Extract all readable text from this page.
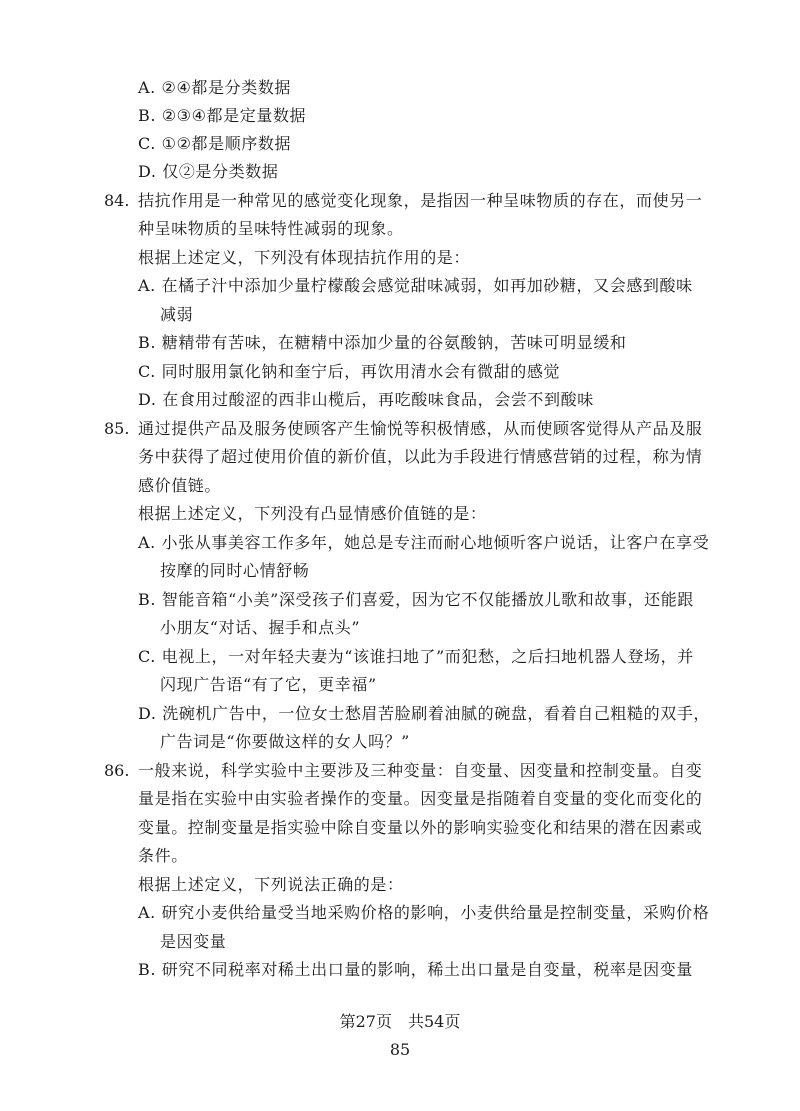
A. ②④都是分类数据
B. ②③④都是定量数据
C. ①②都是顺序数据
D. 仅②是分类数据
84. 拮抗作用是一种常见的感觉变化现象，是指因一种呈味物质的存在，而使另一
种呈味物质的呈味特性减弱的现象。
根据上述定义，下列没有体现拮抗作用的是：
A. 在橘子汁中添加少量柠檬酸会感觉甜味减弱，如再加砂糖，又会感到酸味
减弱
B. 糖精带有苦味，在糖精中添加少量的谷氨酸钠，苦味可明显缓和
C. 同时服用氯化钠和奎宁后，再饮用清水会有微甜的感觉
D. 在食用过酸涩的西非山榄后，再吃酸味食品，会尝不到酸味
85. 通过提供产品及服务使顾客产生愉悦等积极情感，从而使顾客觉得从产品及服
务中获得了超过使用价值的新价值，以此为手段进行情感营销的过程，称为情
感价值链。
根据上述定义，下列没有凸显情感价值链的是：
A. 小张从事美容工作多年，她总是专注而耐心地倾听客户说话，让客户在享受
按摩的同时心情舒畅
B. 智能音箱“小美”深受孩子们喜爱，因为它不仅能播放儿歌和故事，还能跟
小朋友“对话、握手和点头”
C. 电视上，一对年轻夫妻为“该谁扫地了”而犯愁，之后扫地机器人登场，并
闪现广告语“有了它，更幸福”
D. 洗碗机广告中，一位女士愁眉苦脸刷着油腻的碗盘，看着自己粗糙的双手，
广告词是“你要做这样的女人吗？”
86. 一般来说，科学实验中主要涉及三种变量：自变量、因变量和控制变量。自变
量是指在实验中由实验者操作的变量。因变量是指随着自变量的变化而变化的
变量。控制变量是指实验中除自变量以外的影响实验变化和结果的潜在因素或
条件。
根据上述定义，下列说法正确的是：
A. 研究小麦供给量受当地采购价格的影响，小麦供给量是控制变量，采购价格
是因变量
B. 研究不同税率对稀土出口量的影响，稀土出口量是自变量，税率是因变量
第27页　共54页
85
